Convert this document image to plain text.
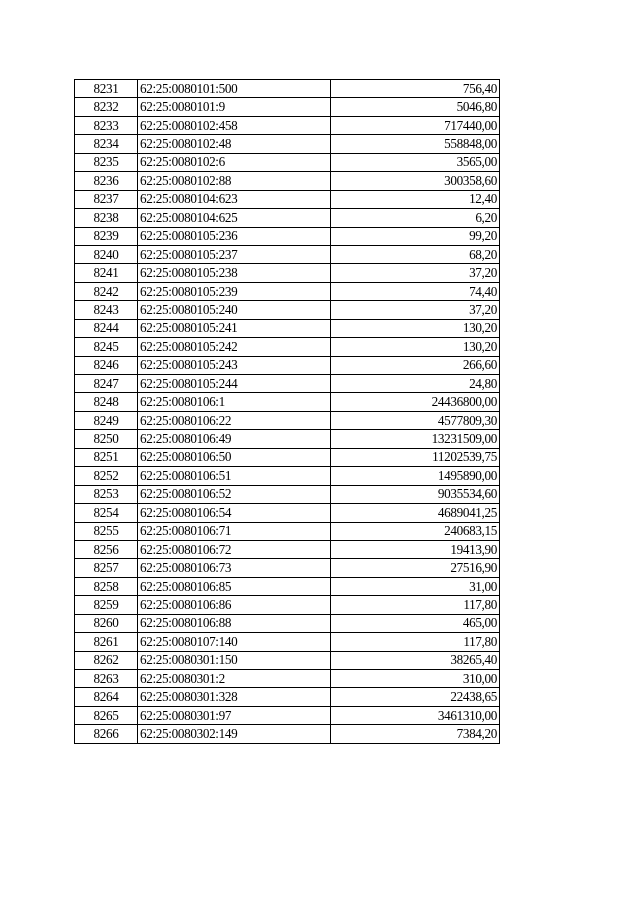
8231	62:25:0080101:500	756,40
8232	62:25:0080101:9	5046,80
8233	62:25:0080102:458	717440,00
8234	62:25:0080102:48	558848,00
8235	62:25:0080102:6	3565,00
8236	62:25:0080102:88	300358,60
8237	62:25:0080104:623	12,40
8238	62:25:0080104:625	6,20
8239	62:25:0080105:236	99,20
8240	62:25:0080105:237	68,20
8241	62:25:0080105:238	37,20
8242	62:25:0080105:239	74,40
8243	62:25:0080105:240	37,20
8244	62:25:0080105:241	130,20
8245	62:25:0080105:242	130,20
8246	62:25:0080105:243	266,60
8247	62:25:0080105:244	24,80
8248	62:25:0080106:1	24436800,00
8249	62:25:0080106:22	4577809,30
8250	62:25:0080106:49	13231509,00
8251	62:25:0080106:50	11202539,75
8252	62:25:0080106:51	1495890,00
8253	62:25:0080106:52	9035534,60
8254	62:25:0080106:54	4689041,25
8255	62:25:0080106:71	240683,15
8256	62:25:0080106:72	19413,90
8257	62:25:0080106:73	27516,90
8258	62:25:0080106:85	31,00
8259	62:25:0080106:86	117,80
8260	62:25:0080106:88	465,00
8261	62:25:0080107:140	117,80
8262	62:25:0080301:150	38265,40
8263	62:25:0080301:2	310,00
8264	62:25:0080301:328	22438,65
8265	62:25:0080301:97	3461310,00
8266	62:25:0080302:149	7384,20
